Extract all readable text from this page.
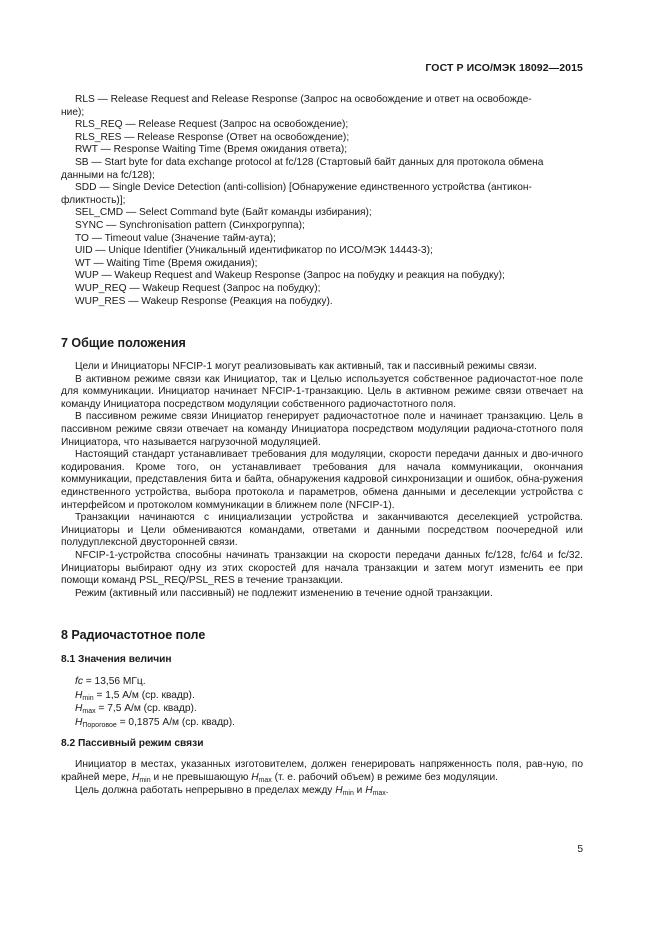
ГОСТ Р ИСО/МЭК 18092—2015

RLS — Release Request and Release Response (Запрос на освобождение и ответ на освобожде-

ние);

RLS_REQ — Release Request (Запрос на освобождение);

RLS_RES — Release Response (Ответ на освобождение);

RWT — Response Waiting Time (Время ожидания ответа);

SB — Start byte for data exchange protocol at fc/128 (Стартовый байт данных для протокола обмена

данными на fc/128);

SDD — Single Device Detection (anti-collision) [Обнаружение единственного устройства (антикон-

фликтность)];

SEL_CMD — Select Command byte (Байт команды избирания);

SYNC — Synchronisation pattern (Синхрогруппа);

TO — Timeout value (Значение тайм-аута);

UID — Unique Identifier (Уникальный идентификатор по ИСО/МЭК 14443-3);

WT — Waiting Time (Время ожидания);

WUP — Wakeup Request and Wakeup Response (Запрос на побудку и реакция на побудку);

WUP_REQ — Wakeup Request (Запрос на побудку);

WUP_RES — Wakeup Response (Реакция на побудку).

7 Общие положения

Цели и Инициаторы NFCIP-1 могут реализовывать как активный, так и пассивный режимы связи.

В активном режиме связи как Инициатор, так и Целью используется собственное радиочастот-ное поле для коммуникации. Инициатор начинает NFCIP-1-транзакцию. Цель в активном режиме связи отвечает на команду Инициатора посредством модуляции собственного радиочастотного поля.

В пассивном режиме связи Инициатор генерирует радиочастотное поле и начинает транзакцию. Цель в пассивном режиме связи отвечает на команду Инициатора посредством модуляции радиоча-стотного поля Инициатора, что называется нагрузочной модуляцией.

Настоящий стандарт устанавливает требования для модуляции, скорости передачи данных и дво-ичного кодирования. Кроме того, он устанавливает требования для начала коммуникации, окончания коммуникации, представления бита и байта, обнаружения кадровой синхронизации и ошибок, обна-ружения единственного устройства, выбора протокола и параметров, обмена данными и деселекции устройства с интерфейсом и протоколом коммуникации в ближнем поле (NFCIP-1).

Транзакции начинаются с инициализации устройства и заканчиваются деселекцией устройства. Инициаторы и Цели обмениваются командами, ответами и данными посредством поочередной или полудуплексной двусторонней связи.

NFCIP-1-устройства способны начинать транзакции на скорости передачи данных fc/128, fc/64 и fc/32. Инициаторы выбирают одну из этих скоростей для начала транзакции и затем могут изменить ее при помощи команд PSL_REQ/PSL_RES в течение транзакции.

Режим (активный или пассивный) не подлежит изменению в течение одной транзакции.

8 Радиочастотное поле
8.1 Значения величин
fc = 13,56 МГц.
$H_{min} = 1,5$ А/м (ср. квадр).
$H_{max} = 7,5$ А/м (ср. квадр).
$H_{Пороговое} = 0,1875$ А/м (ср. квадр).
8.2 Пассивный режим связи

Инициатор в местах, указанных изготовителем, должен генерировать напряженность поля, рав-ную, по крайней мере, $H_{min}$ и не превышающую $H_{max}$ (т. е. рабочий объем) в режиме без модуляции.

Цель должна работать непрерывно в пределах между $H_{min}$ и $H_{max}$.

5
